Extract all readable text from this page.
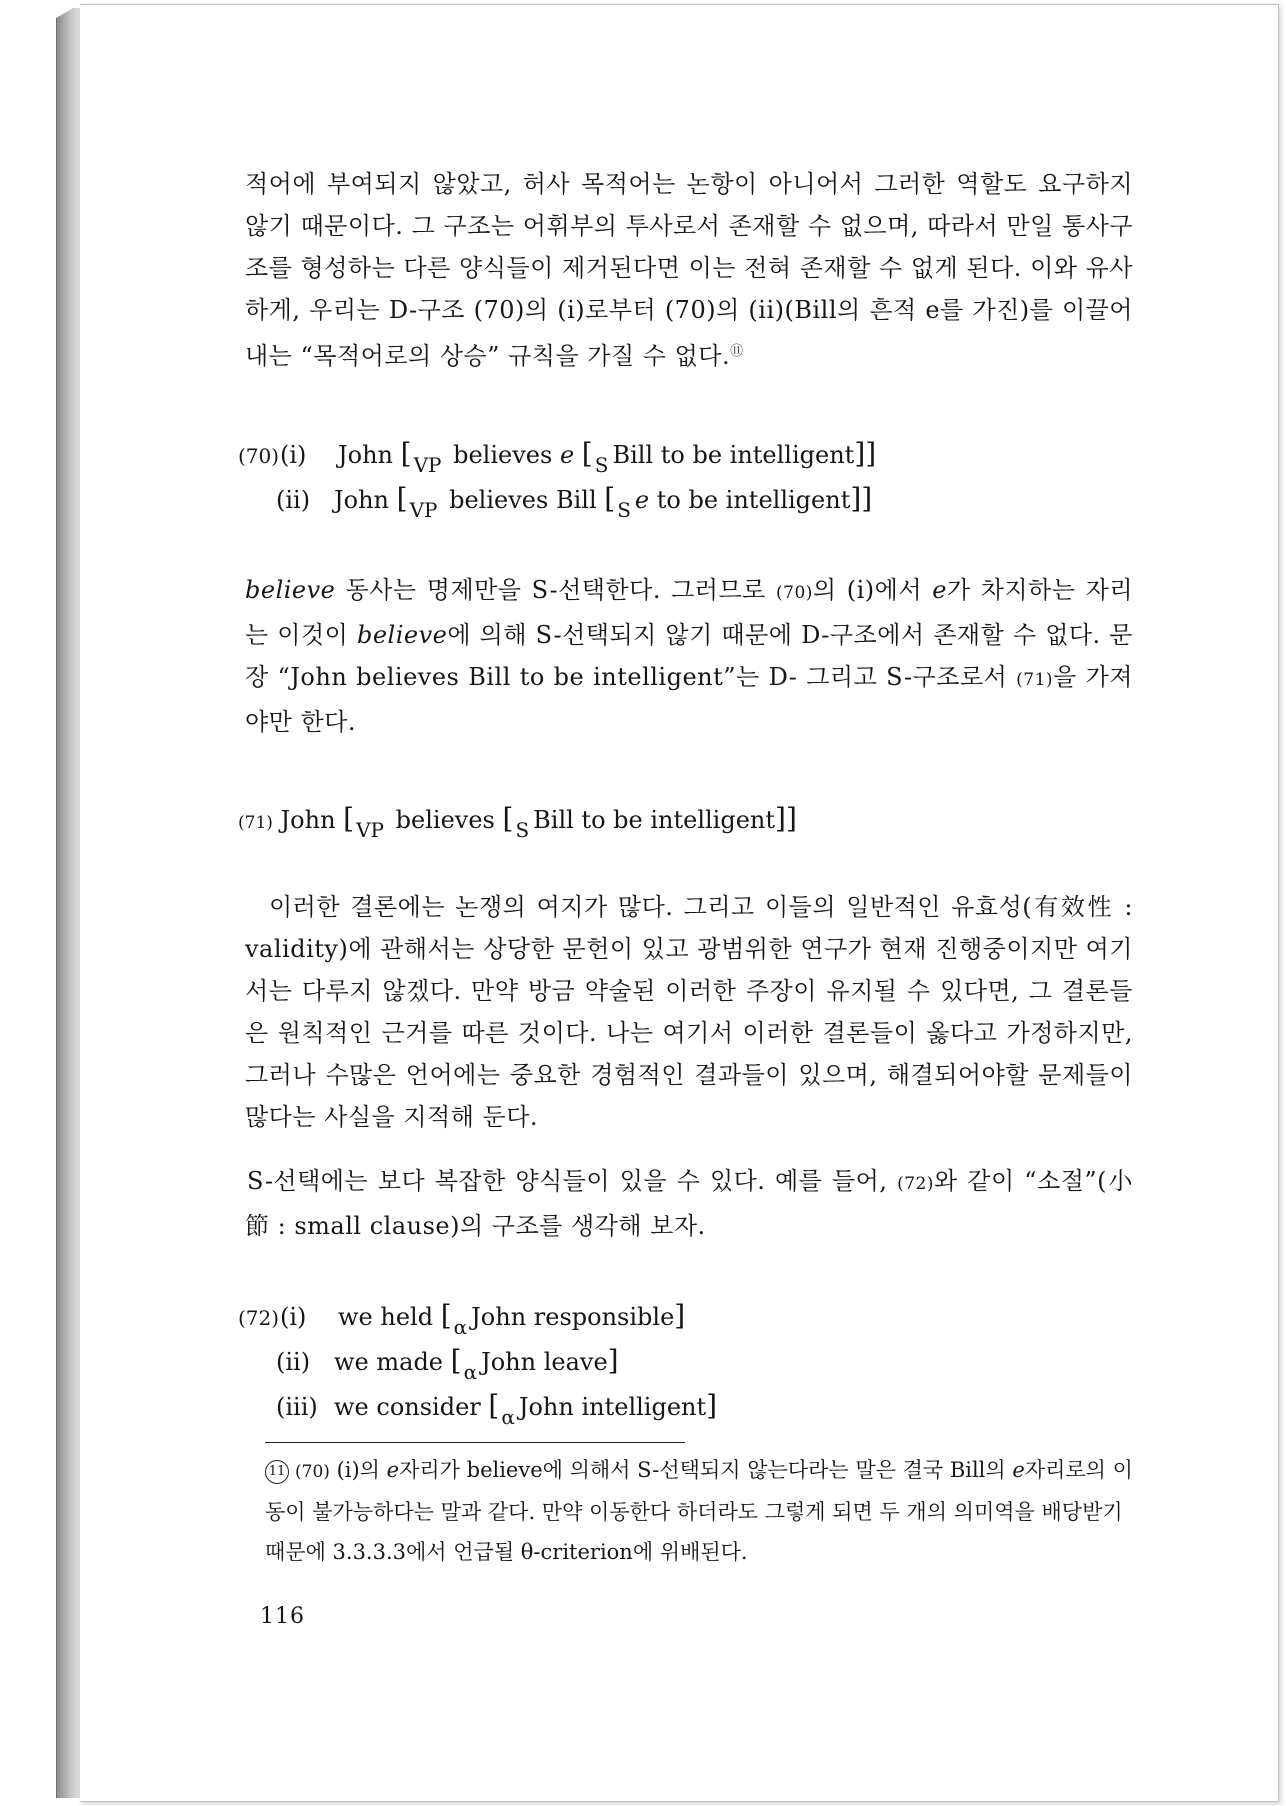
적어에 부여되지 않았고, 허사 목적어는 논항이 아니어서 그러한 역할도 요구하지 않기 때문이다. 그 구조는 어휘부의 투사로서 존재할 수 없으며, 따라서 만일 통사구조를 형성하는 다른 양식들이 제거된다면 이는 전혀 존재할 수 없게 된다. 이와 유사하게, 우리는 D-구조 (70)의 (i)로부터 (70)의 (ii)(Bill의 흔적 e를 가진)를 이끌어내는 “목적어로의 상승” 규칙을 가질 수 없다.⑪

(70)(i) John [ $_{VP}$ believes e [ $_S$ Bill to be intelligent]]
(ii) John [ $_{VP}$ believes Bill [ $_S$ e to be intelligent]]

believe 동사는 명제만을 S-선택한다. 그러므로 (70)의 (i)에서 e가 차지하는 자리는 이것이 believe에 의해 S-선택되지 않기 때문에 D-구조에서 존재할 수 없다. 문장 “John believes Bill to be intelligent”는 D- 그리고 S-구조로서 (71)을 가져야만 한다.

(71) John [ $_{VP}$ believes [ $_S$ Bill to be intelligent]]

이러한 결론에는 논쟁의 여지가 많다. 그리고 이들의 일반적인 유효성(有效性 : validity)에 관해서는 상당한 문헌이 있고 광범위한 연구가 현재 진행중이지만 여기서는 다루지 않겠다. 만약 방금 약술된 이러한 주장이 유지될 수 있다면, 그 결론들은 원칙적인 근거를 따른 것이다. 나는 여기서 이러한 결론들이 옳다고 가정하지만, 그러나 수많은 언어에는 중요한 경험적인 결과들이 있으며, 해결되어야할 문제들이 많다는 사실을 지적해 둔다.

S-선택에는 보다 복잡한 양식들이 있을 수 있다. 예를 들어, (72)와 같이 “소절”(小節 : small clause)의 구조를 생각해 보자.

(72)(i) we held [ $_\alpha$ John responsible]
(ii) we made [ $_\alpha$ John leave]
(iii) we consider [ $_\alpha$ John intelligent]

11 (70) (i)의 e자리가 believe에 의해서 S-선택되지 않는다라는 말은 결국 Bill의 e자리로의 이동이 불가능하다는 말과 같다. 만약 이동한다 하더라도 그렇게 되면 두 개의 의미역을 배당받기 때문에 3.3.3.3에서 언급될 θ-criterion에 위배된다.

116
